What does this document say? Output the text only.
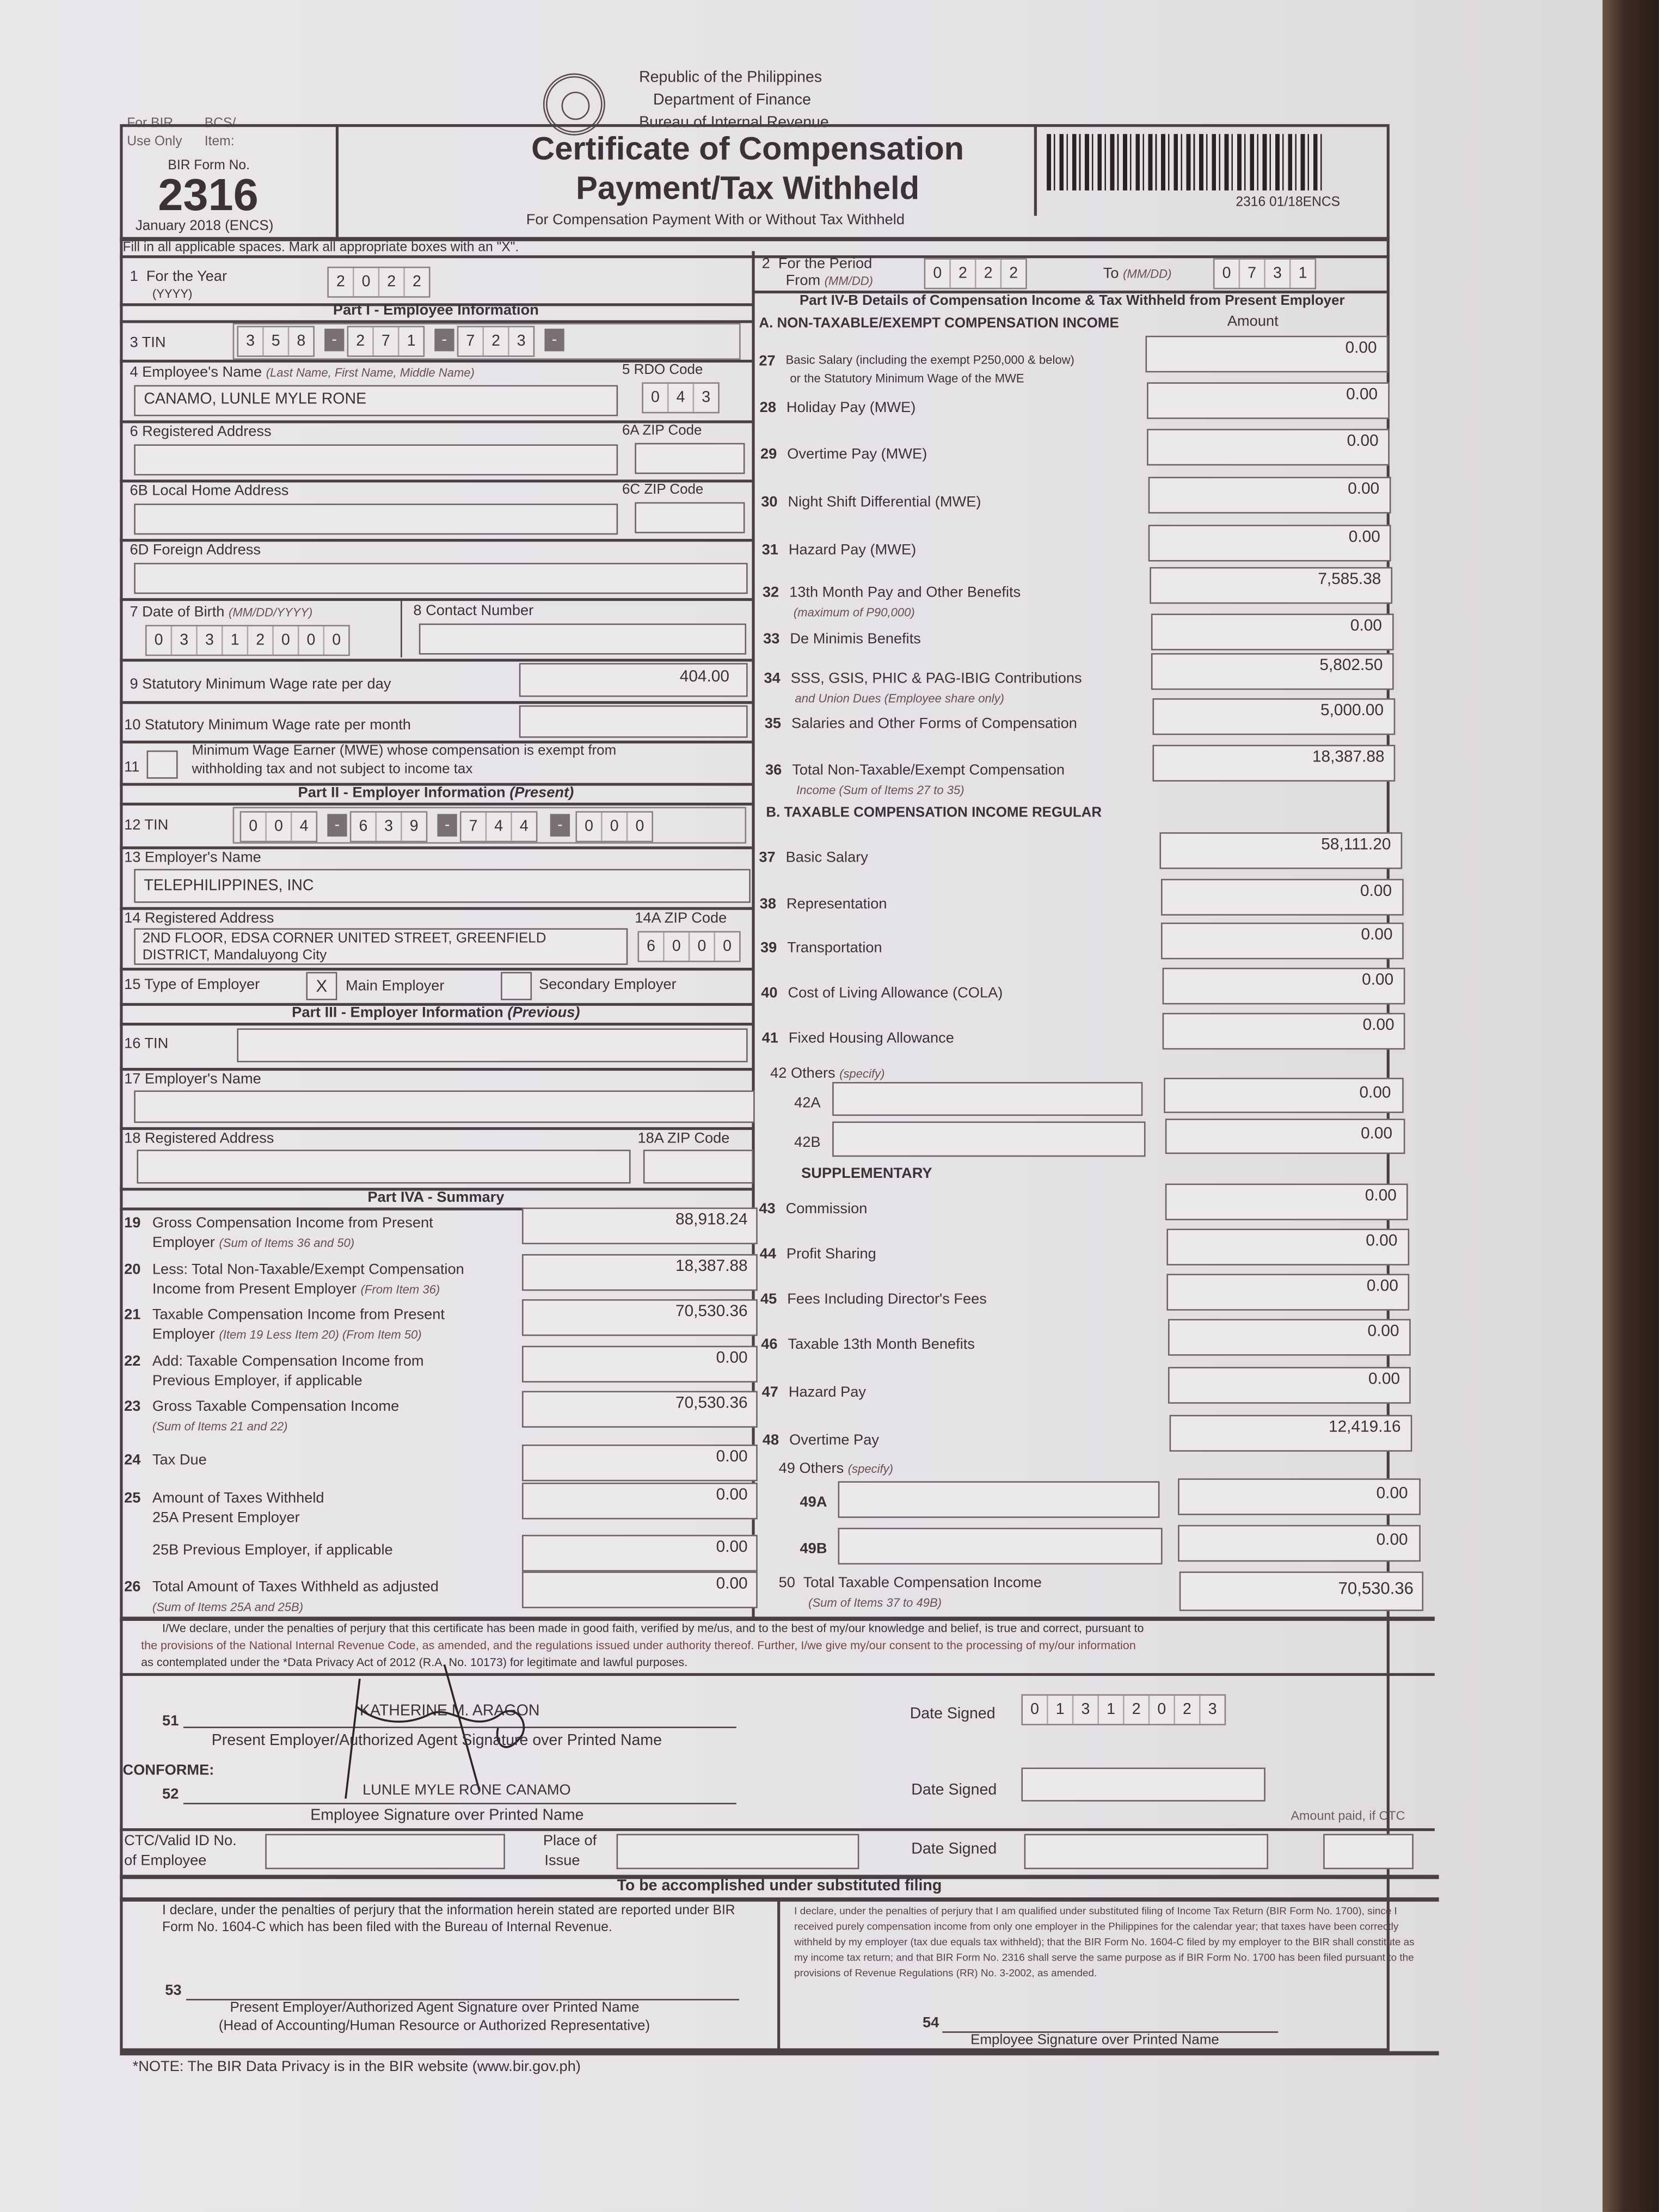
For BIR
Use Only
BCS/
Item:
Republic of the Philippines
Department of Finance
Bureau of Internal Revenue
BIR Form No.
2316
January 2018 (ENCS)
Certificate of Compensation
Payment/Tax Withheld
For Compensation Payment With or Without Tax Withheld
2316 01/18ENCS
Fill in all applicable spaces. Mark all appropriate boxes with an "X".
1 For the Year
(YYYY)
2	0	2	2
2 For the Period
From (MM/DD)	0	2	2	2	To (MM/DD)	0	7	3	1
Part IV-B Details of Compensation Income & Tax Withheld from Present Employer
Part I - Employee Information
3 TIN	3	5	8	-	2	7	1	-	7	2	3	-
4 Employee's Name (Last Name, First Name, Middle Name)
CANAMO, LUNLE MYLE RONE
5 RDO Code
0	4	3
6 Registered Address	6A ZIP Code
6B Local Home Address	6C ZIP Code
6D Foreign Address
7 Date of Birth (MM/DD/YYYY)
0	3	3	1	2	0	0	0
8 Contact Number
9 Statutory Minimum Wage rate per day	404.00
10 Statutory Minimum Wage rate per month
11
Minimum Wage Earner (MWE) whose compensation is exempt from
withholding tax and not subject to income tax
Part II - Employer Information (Present)
12 TIN	0	0	4	-	6	3	9	-	7	4	4	-	0	0	0
13 Employer's Name
TELEPHILIPPINES, INC
14 Registered Address
2ND FLOOR, EDSA CORNER UNITED STREET, GREENFIELD
DISTRICT, Mandaluyong City
14A ZIP Code
6	0	0	0
15 Type of Employer	X	Main Employer	Secondary Employer
Part III - Employer Information (Previous)
16 TIN
17 Employer's Name
18 Registered Address	18A ZIP Code
Part IVA - Summary
19 Gross Compensation Income from Present
Employer (Sum of Items 36 and 50)
88,918.24
20 Less: Total Non-Taxable/Exempt Compensation
Income from Present Employer (From Item 36)
18,387.88
21 Taxable Compensation Income from Present
Employer (Item 19 Less Item 20) (From Item 50)
70,530.36
22 Add: Taxable Compensation Income from
Previous Employer, if applicable
0.00
23 Gross Taxable Compensation Income
(Sum of Items 21 and 22)
70,530.36
24 Tax Due	0.00
25 Amount of Taxes Withheld
25A Present Employer
0.00
25B Previous Employer, if applicable	0.00
26 Total Amount of Taxes Withheld as adjusted
(Sum of Items 25A and 25B)
0.00
A. NON-TAXABLE/EXEMPT COMPENSATION INCOME	Amount
B. TAXABLE COMPENSATION INCOME REGULAR
27 Basic Salary (including the exempt P250,000 & below)
or the Statutory Minimum Wage of the MWE
0.00
28 Holiday Pay (MWE)
0.00
29 Overtime Pay (MWE)
0.00
30 Night Shift Differential (MWE)
0.00
31 Hazard Pay (MWE)
0.00
32 13th Month Pay and Other Benefits
(maximum of P90,000)
7,585.38
33 De Minimis Benefits
0.00
34 SSS, GSIS, PHIC & PAG-IBIG Contributions
and Union Dues (Employee share only)
5,802.50
35 Salaries and Other Forms of Compensation
5,000.00
36 Total Non-Taxable/Exempt Compensation
Income (Sum of Items 27 to 35)
18,387.88
37 Basic Salary
58,111.20
38 Representation
0.00
39 Transportation
0.00
40 Cost of Living Allowance (COLA)
0.00
41 Fixed Housing Allowance
0.00
43 Commission
0.00
44 Profit Sharing
0.00
45 Fees Including Director's Fees
0.00
46 Taxable 13th Month Benefits
0.00
47 Hazard Pay
0.00
48 Overtime Pay
12,419.16
42 Others (specify)
42A
0.00
42B	0.00
SUPPLEMENTARY
49 Others (specify)
49A	0.00
49B	0.00
50 Total Taxable Compensation Income
(Sum of Items 37 to 49B)
70,530.36
I/We declare, under the penalties of perjury that this certificate has been made in good faith, verified by me/us, and to the best of my/our knowledge and belief, is true and correct, pursuant to
the provisions of the National Internal Revenue Code, as amended, and the regulations issued under authority thereof. Further, I/we give my/our consent to the processing of my/our information
as contemplated under the *Data Privacy Act of 2012 (R.A. No. 10173) for legitimate and lawful purposes.
51
KATHERINE M. ARAGON
Present Employer/Authorized Agent Signature over Printed Name
Date Signed	0	1	3	1	2	0	2	3
CONFORME:
52	LUNLE MYLE RONE CANAMO
Employee Signature over Printed Name
Date Signed
CTC/Valid ID No.
of Employee
Place of
Issue
Date Signed
Amount paid, if CTC
To be accomplished under substituted filing
I declare, under the penalties of perjury that the information herein stated are reported under BIR Form No. 1604-C which has been filed with the Bureau of Internal Revenue.
53
Present Employer/Authorized Agent Signature over Printed Name
(Head of Accounting/Human Resource or Authorized Representative)
I declare, under the penalties of perjury that I am qualified under substituted filing of Income Tax Return (BIR Form No. 1700), since I received purely compensation income from only one employer in the Philippines for the calendar year; that taxes have been correctly withheld by my employer (tax due equals tax withheld); that the BIR Form No. 1604-C filed by my employer to the BIR shall constitute as my income tax return; and that BIR Form No. 2316 shall serve the same purpose as if BIR Form No. 1700 has been filed pursuant to the provisions of Revenue Regulations (RR) No. 3-2002, as amended.
54
Employee Signature over Printed Name
*NOTE: The BIR Data Privacy is in the BIR website (www.bir.gov.ph)
